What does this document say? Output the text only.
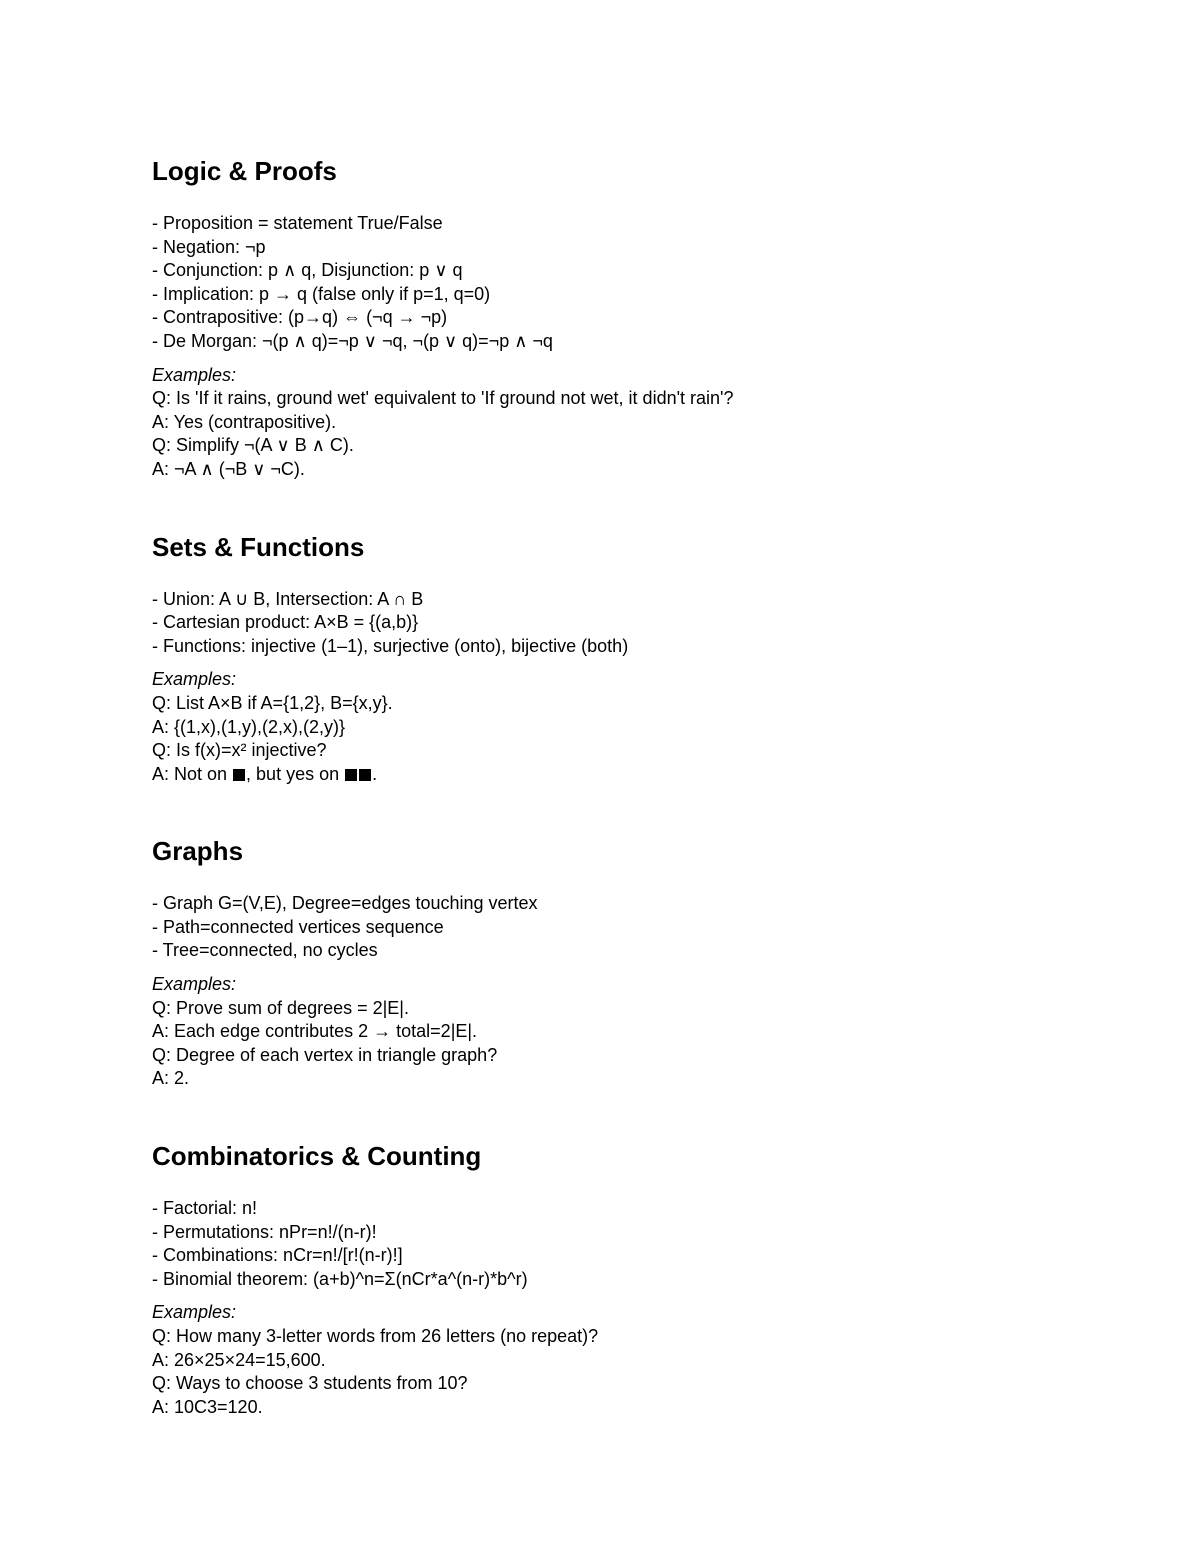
Logic & Proofs
- Proposition = statement True/False
- Negation: ¬p
- Conjunction: p ∧ q, Disjunction: p ∨ q
- Implication: p → q (false only if p=1, q=0)
- Contrapositive: (p→q) ⇔ (¬q → ¬p)
- De Morgan: ¬(p ∧ q)=¬p ∨ ¬q, ¬(p ∨ q)=¬p ∧ ¬q
Examples:
Q: Is 'If it rains, ground wet' equivalent to 'If ground not wet, it didn't rain'?
A: Yes (contrapositive).
Q: Simplify ¬(A ∨ B ∧ C).
A: ¬A ∧ (¬B ∨ ¬C).
Sets & Functions
- Union: A ∪ B, Intersection: A ∩ B
- Cartesian product: A×B = {(a,b)}
- Functions: injective (1–1), surjective (onto), bijective (both)
Examples:
Q: List A×B if A={1,2}, B={x,y}.
A: {(1,x),(1,y),(2,x),(2,y)}
Q: Is f(x)=x² injective?
A: Not on , but yes on .
Graphs
- Graph G=(V,E), Degree=edges touching vertex
- Path=connected vertices sequence
- Tree=connected, no cycles
Examples:
Q: Prove sum of degrees = 2|E|.
A: Each edge contributes 2 → total=2|E|.
Q: Degree of each vertex in triangle graph?
A: 2.
Combinatorics & Counting
- Factorial: n!
- Permutations: nPr=n!/(n-r)!
- Combinations: nCr=n!/[r!(n-r)!]
- Binomial theorem: (a+b)^n=Σ(nCr*a^(n-r)*b^r)
Examples:
Q: How many 3-letter words from 26 letters (no repeat)?
A: 26×25×24=15,600.
Q: Ways to choose 3 students from 10?
A: 10C3=120.
